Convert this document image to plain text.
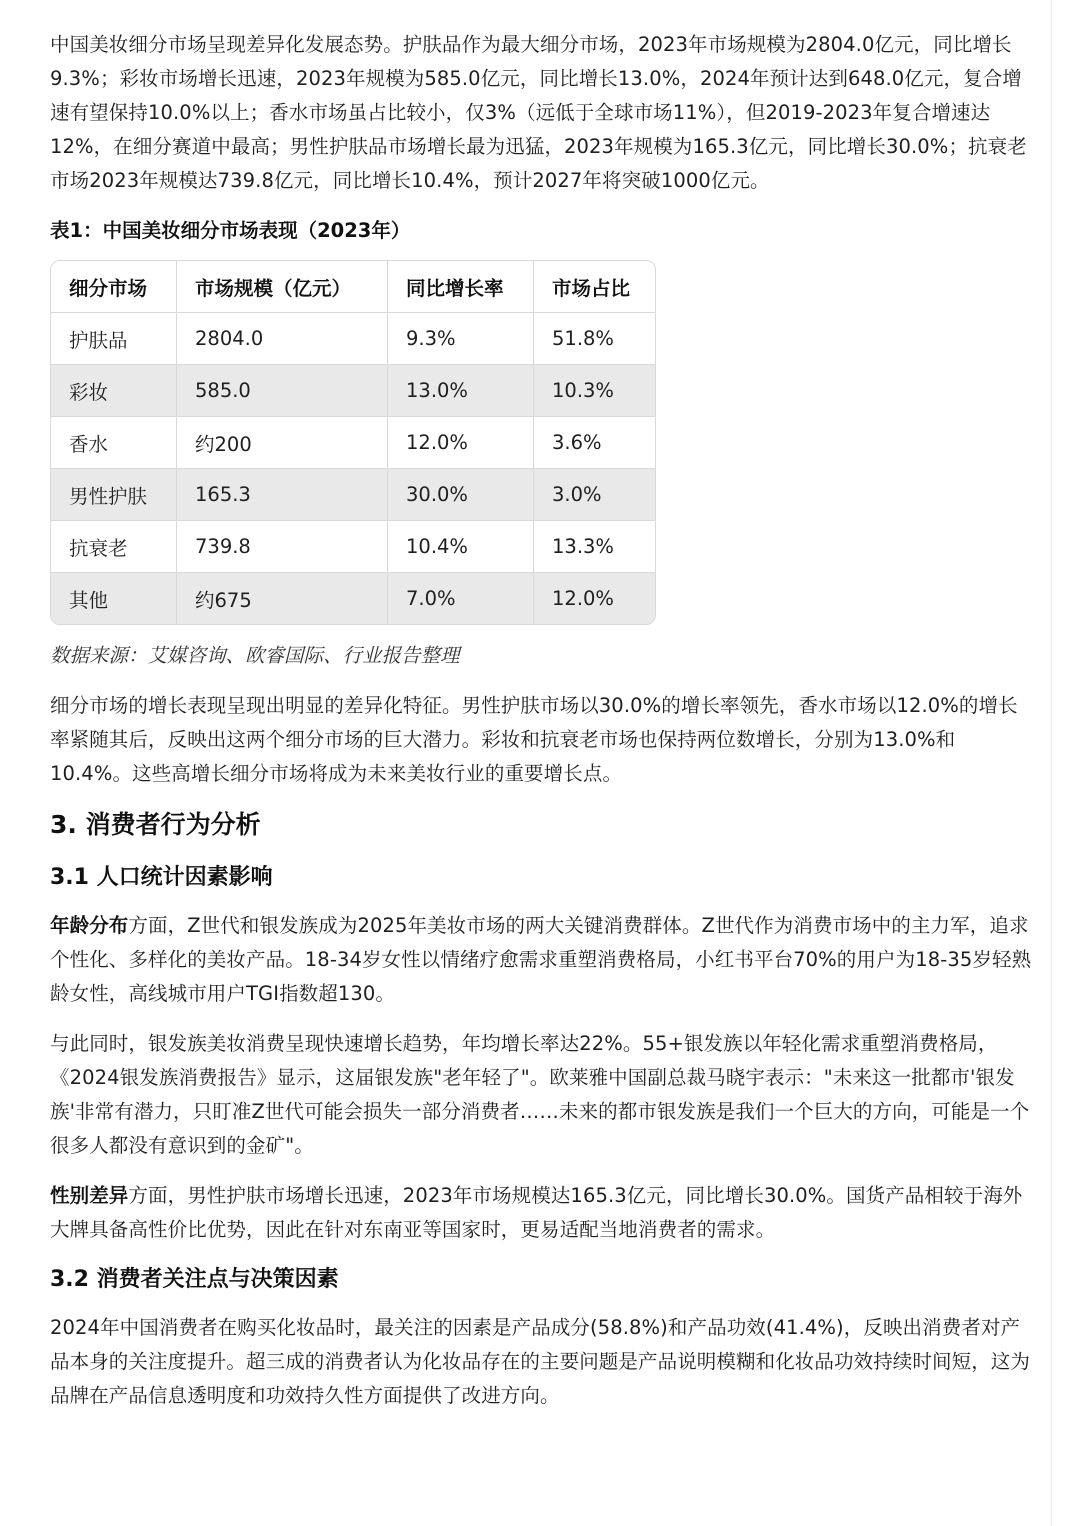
中国美妆细分市场呈现差异化发展态势。护肤品作为最大细分市场，2023年市场规模为2804.0亿元，同比增长9.3%；彩妆市场增长迅速，2023年规模为585.0亿元，同比增长13.0%，2024年预计达到648.0亿元，复合增速有望保持10.0%以上；香水市场虽占比较小，仅3%（远低于全球市场11%），但2019-2023年复合增速达12%，在细分赛道中最高；男性护肤品市场增长最为迅猛，2023年规模为165.3亿元，同比增长30.0%；抗衰老市场2023年规模达739.8亿元，同比增长10.4%，预计2027年将突破1000亿元。

表1：中国美妆细分市场表现（2023年）
细分市场	市场规模（亿元）	同比增长率	市场占比
护肤品	2804.0	9.3%	51.8%
彩妆	585.0	13.0%	10.3%
香水	约200	12.0%	3.6%
男性护肤	165.3	30.0%	3.0%
抗衰老	739.8	10.4%	13.3%
其他	约675	7.0%	12.0%
数据来源：艾媒咨询、欧睿国际、行业报告整理

细分市场的增长表现呈现出明显的差异化特征。男性护肤市场以30.0%的增长率领先，香水市场以12.0%的增长率紧随其后，反映出这两个细分市场的巨大潜力。彩妆和抗衰老市场也保持两位数增长，分别为13.0%和10.4%。这些高增长细分市场将成为未来美妆行业的重要增长点。

3. 消费者行为分析
3.1 人口统计因素影响

年龄分布方面，Z世代和银发族成为2025年美妆市场的两大关键消费群体。Z世代作为消费市场中的主力军，追求个性化、多样化的美妆产品。18-34岁女性以情绪疗愈需求重塑消费格局，小红书平台70%的用户为18-35岁轻熟龄女性，高线城市用户TGI指数超130。

与此同时，银发族美妆消费呈现快速增长趋势，年均增长率达22%。55+银发族以年轻化需求重塑消费格局，《2024银发族消费报告》显示，这届银发族"老年轻了"。欧莱雅中国副总裁马晓宇表示："未来这一批都市'银发族'非常有潜力，只盯准Z世代可能会损失一部分消费者……未来的都市银发族是我们一个巨大的方向，可能是一个很多人都没有意识到的金矿"。

性别差异方面，男性护肤市场增长迅速，2023年市场规模达165.3亿元，同比增长30.0%。国货产品相较于海外大牌具备高性价比优势，因此在针对东南亚等国家时，更易适配当地消费者的需求。

3.2 消费者关注点与决策因素

2024年中国消费者在购买化妆品时，最关注的因素是产品成分(58.8%)和产品功效(41.4%)，反映出消费者对产品本身的关注度提升。超三成的消费者认为化妆品存在的主要问题是产品说明模糊和化妆品功效持续时间短，这为品牌在产品信息透明度和功效持久性方面提供了改进方向。
